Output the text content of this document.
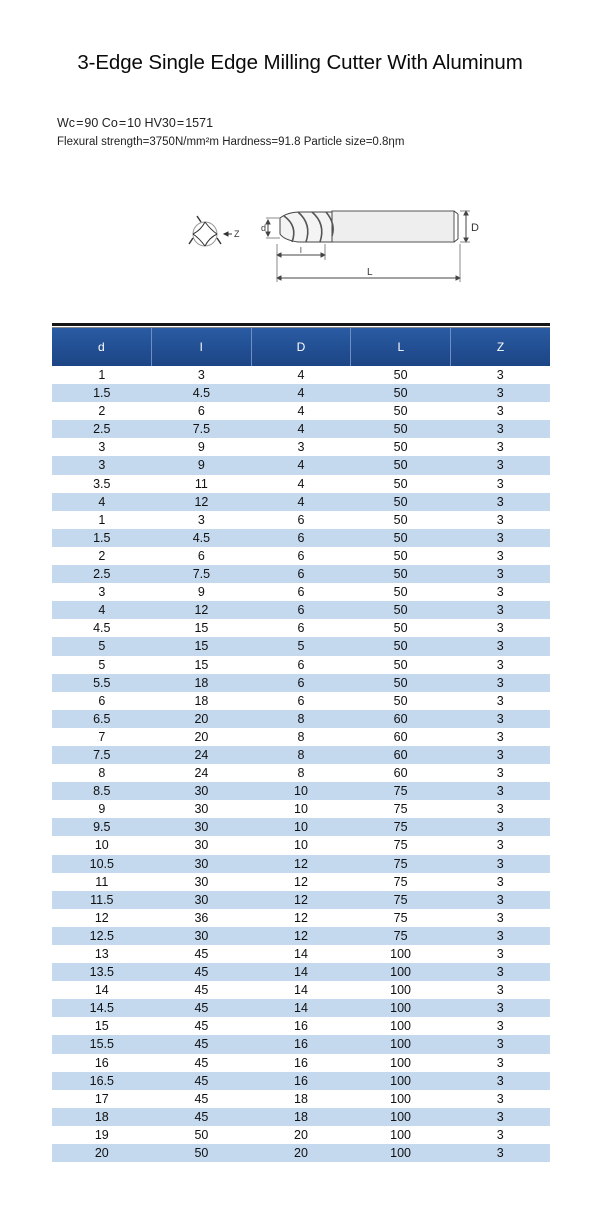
3-Edge Single Edge Milling Cutter With Aluminum
Wc = 90 Co = 10 HV30 = 1571
Flexural strength=3750N/mm²m Hardness=91.8 Particle size=0.8ηm
Z
d
l
D
L
d	l	D	L	Z
1	3	4	50	3
1.5	4.5	4	50	3
2	6	4	50	3
2.5	7.5	4	50	3
3	9	3	50	3
3	9	4	50	3
3.5	11	4	50	3
4	12	4	50	3
1	3	6	50	3
1.5	4.5	6	50	3
2	6	6	50	3
2.5	7.5	6	50	3
3	9	6	50	3
4	12	6	50	3
4.5	15	6	50	3
5	15	5	50	3
5	15	6	50	3
5.5	18	6	50	3
6	18	6	50	3
6.5	20	8	60	3
7	20	8	60	3
7.5	24	8	60	3
8	24	8	60	3
8.5	30	10	75	3
9	30	10	75	3
9.5	30	10	75	3
10	30	10	75	3
10.5	30	12	75	3
11	30	12	75	3
11.5	30	12	75	3
12	36	12	75	3
12.5	30	12	75	3
13	45	14	100	3
13.5	45	14	100	3
14	45	14	100	3
14.5	45	14	100	3
15	45	16	100	3
15.5	45	16	100	3
16	45	16	100	3
16.5	45	16	100	3
17	45	18	100	3
18	45	18	100	3
19	50	20	100	3
20	50	20	100	3
